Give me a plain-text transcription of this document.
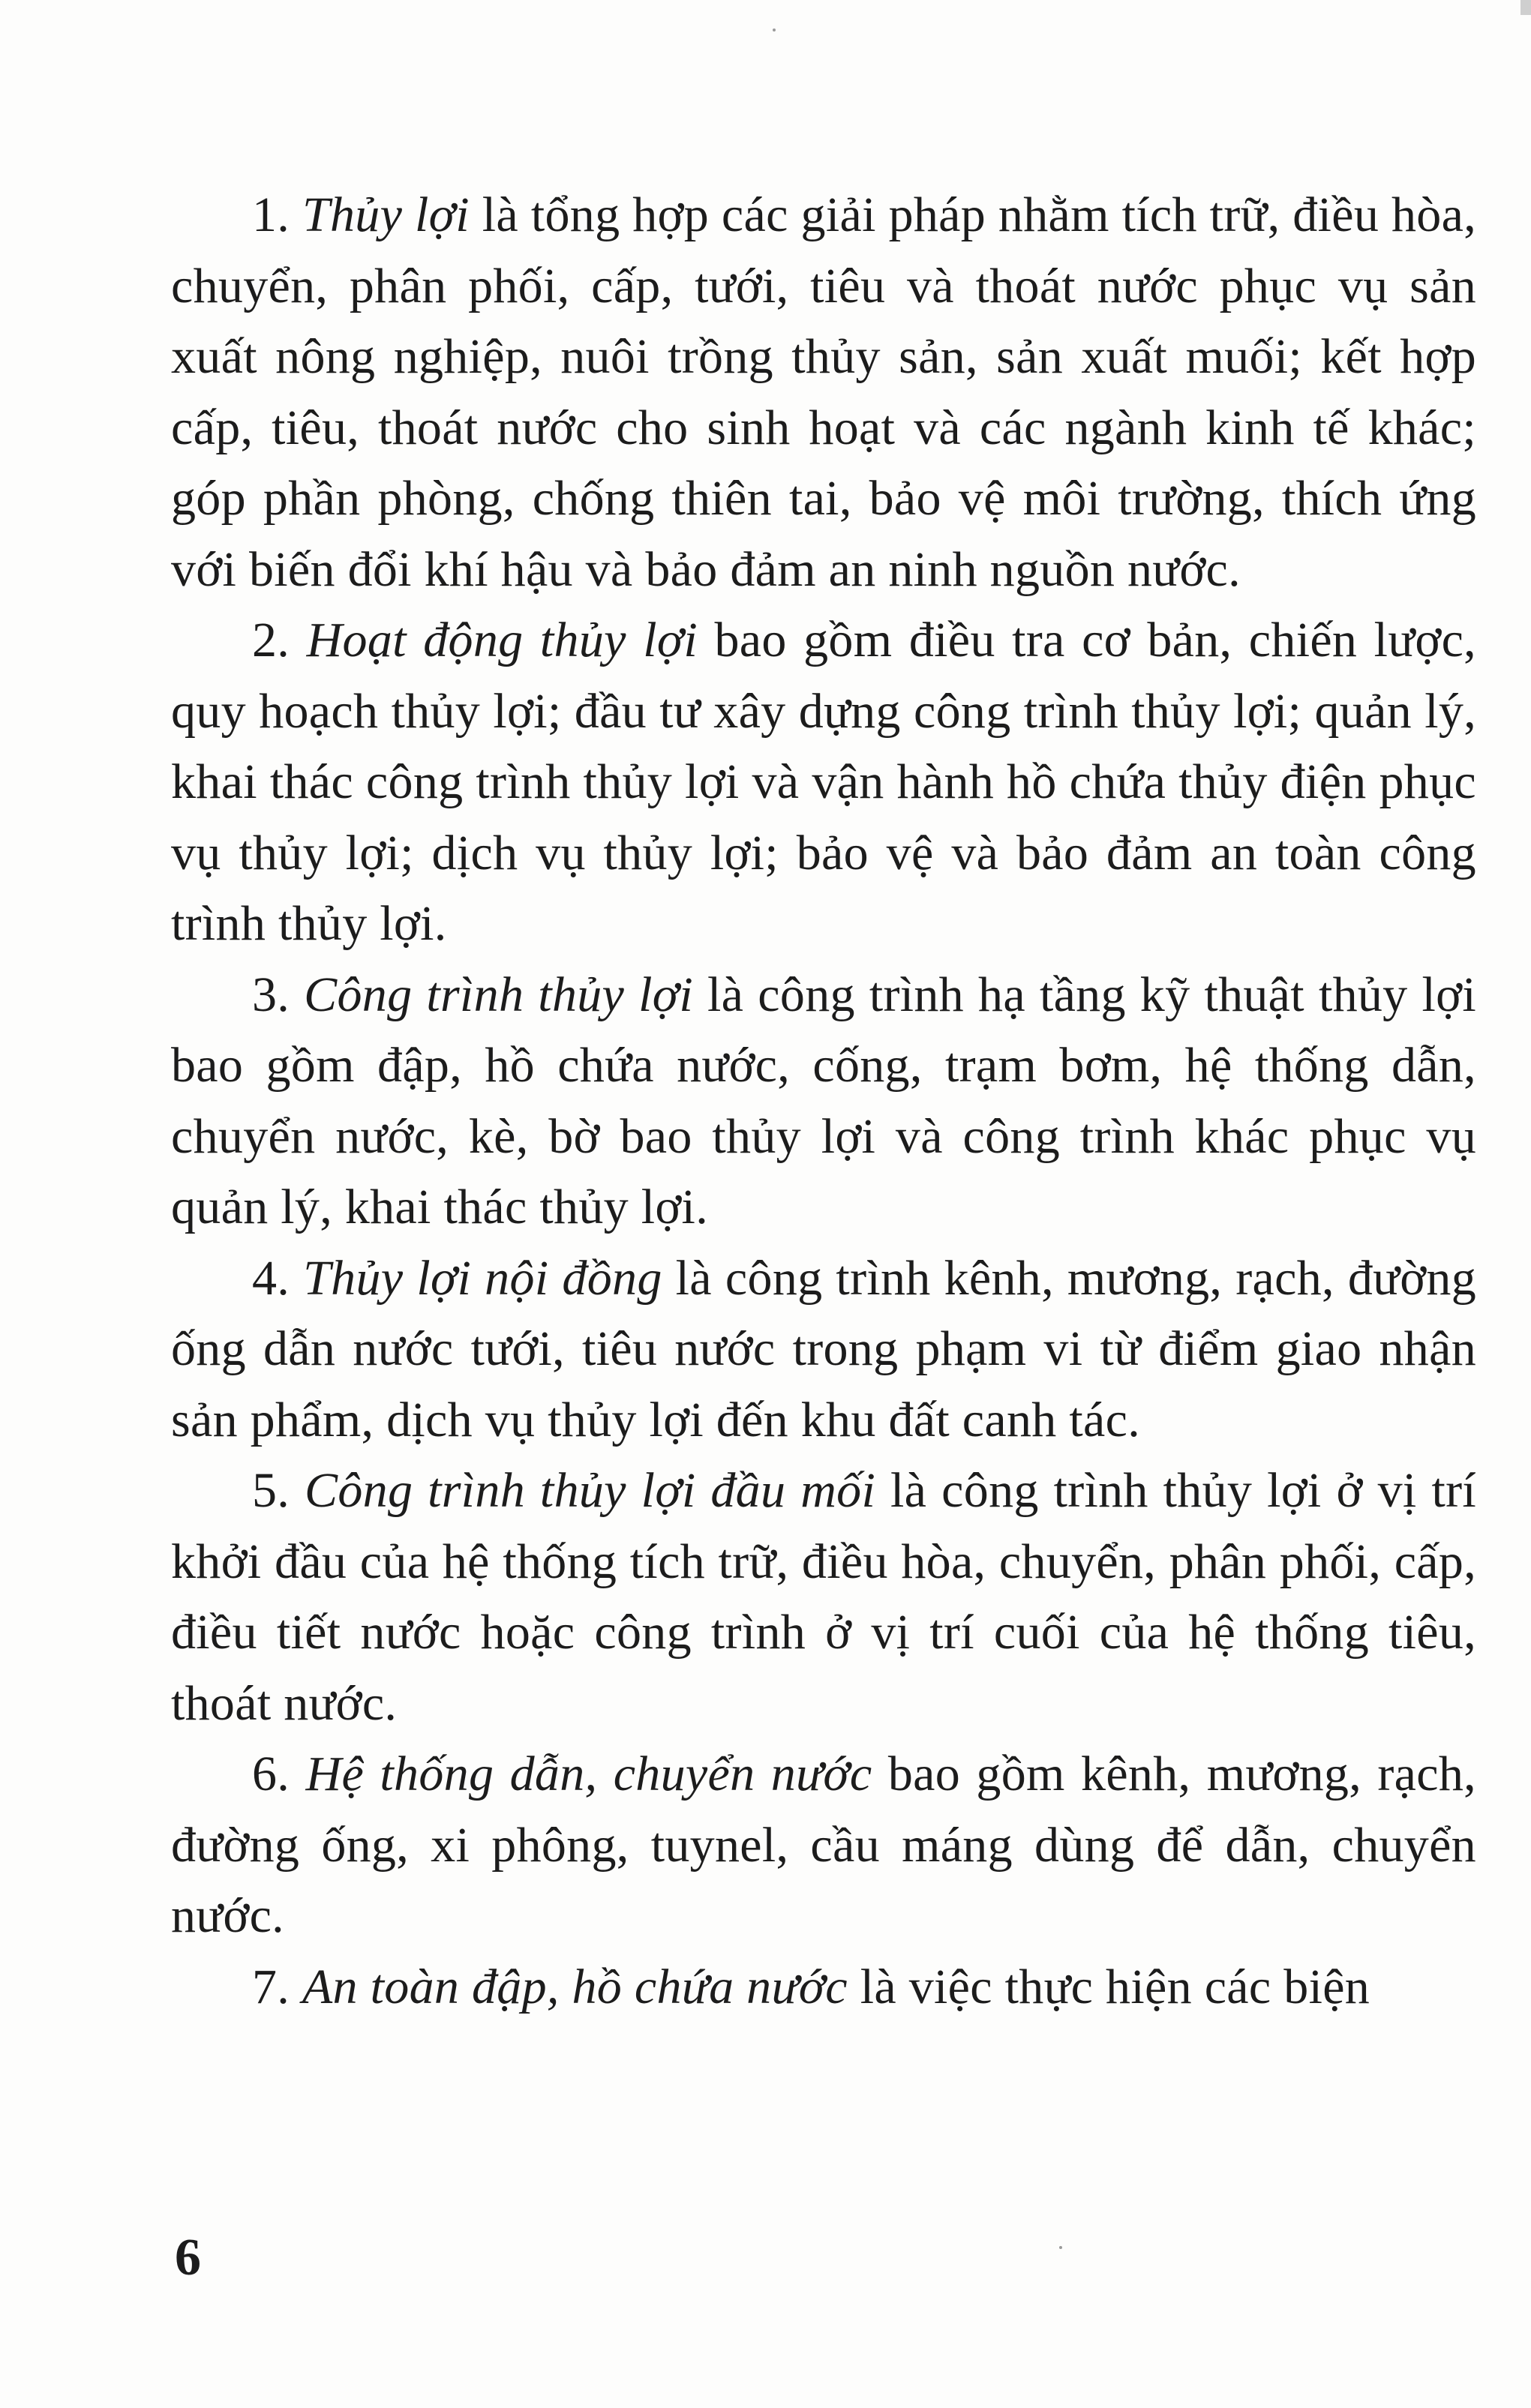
1. Thủy lợi là tổng hợp các giải pháp nhằm tích trữ, điều hòa, chuyển, phân phối, cấp, tưới, tiêu và thoát nước phục vụ sản xuất nông nghiệp, nuôi trồng thủy sản, sản xuất muối; kết hợp cấp, tiêu, thoát nước cho sinh hoạt và các ngành kinh tế khác; góp phần phòng, chống thiên tai, bảo vệ môi trường, thích ứng với biến đổi khí hậu và bảo đảm an ninh nguồn nước.

2. Hoạt động thủy lợi bao gồm điều tra cơ bản, chiến lược, quy hoạch thủy lợi; đầu tư xây dựng công trình thủy lợi; quản lý, khai thác công trình thủy lợi và vận hành hồ chứa thủy điện phục vụ thủy lợi; dịch vụ thủy lợi; bảo vệ và bảo đảm an toàn công trình thủy lợi.

3. Công trình thủy lợi là công trình hạ tầng kỹ thuật thủy lợi bao gồm đập, hồ chứa nước, cống, trạm bơm, hệ thống dẫn, chuyển nước, kè, bờ bao thủy lợi và công trình khác phục vụ quản lý, khai thác thủy lợi.

4. Thủy lợi nội đồng là công trình kênh, mương, rạch, đường ống dẫn nước tưới, tiêu nước trong phạm vi từ điểm giao nhận sản phẩm, dịch vụ thủy lợi đến khu đất canh tác.

5. Công trình thủy lợi đầu mối là công trình thủy lợi ở vị trí khởi đầu của hệ thống tích trữ, điều hòa, chuyển, phân phối, cấp, điều tiết nước hoặc công trình ở vị trí cuối của hệ thống tiêu, thoát nước.

6. Hệ thống dẫn, chuyển nước bao gồm kênh, mương, rạch, đường ống, xi phông, tuynel, cầu máng dùng để dẫn, chuyển nước.

7. An toàn đập, hồ chứa nước là việc thực hiện các biện

6
